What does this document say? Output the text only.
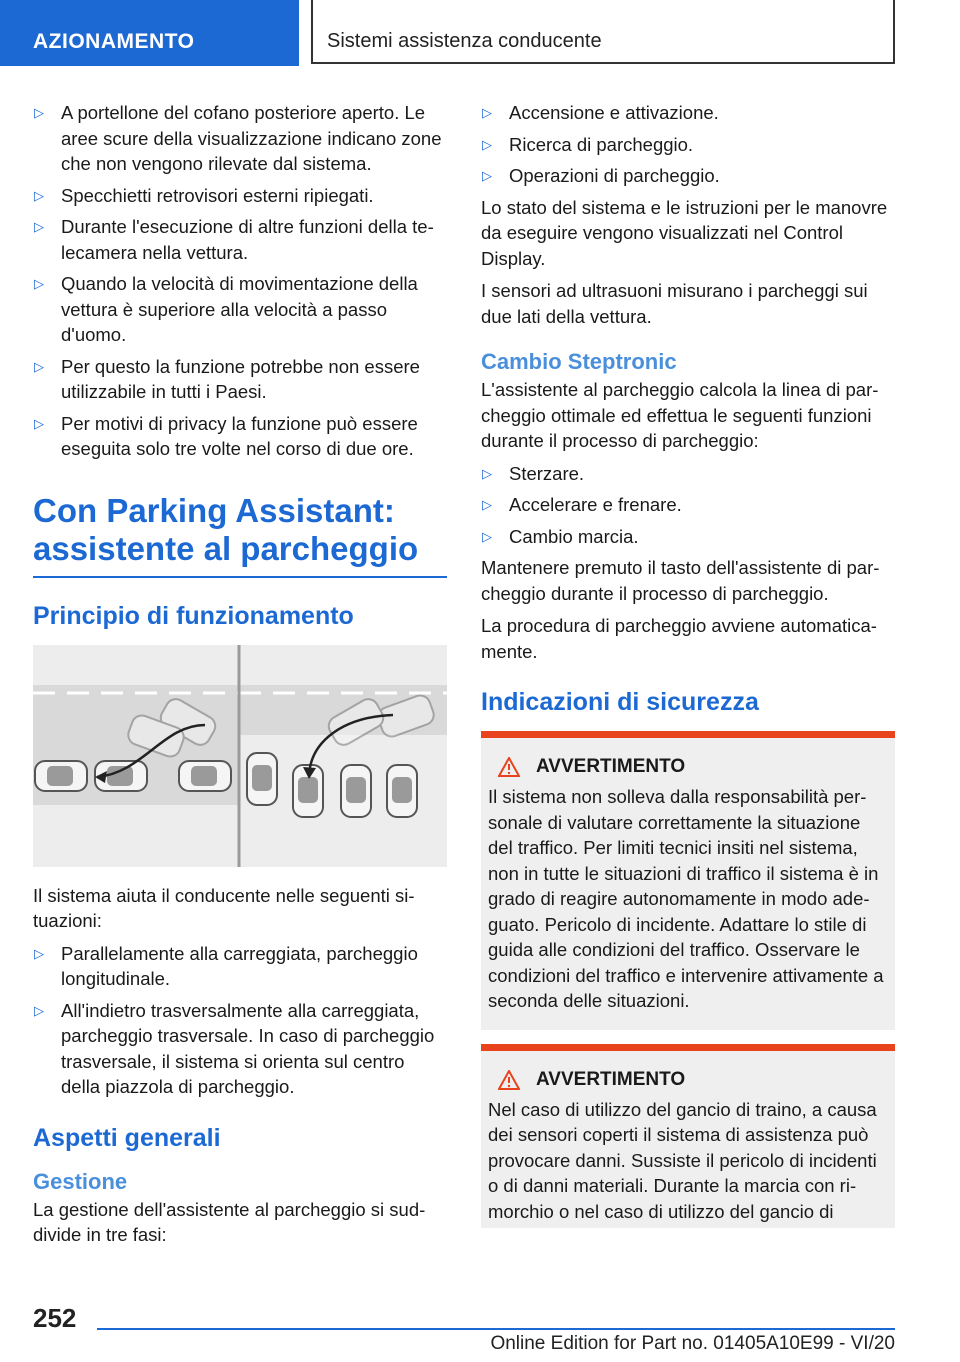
AZIONAMENTO	Sistemi assistenza conducente
▷ A portellone del cofano posteriore aperto. Le aree scure della visualizzazione indicano zone che non vengono rilevate dal sistema.
▷ Specchietti retrovisori esterni ripiegati.
▷ Durante l'esecuzione di altre funzioni della telecamera nella vettura.
▷ Quando la velocità di movimentazione della vettura è superiore alla velocità a passo d'uomo.
▷ Per questo la funzione potrebbe non essere utilizzabile in tutti i Paesi.
▷ Per motivi di privacy la funzione può essere eseguita solo tre volte nel corso di due ore.
Con Parking Assistant: assistente al parcheggio
Principio di funzionamento

Il sistema aiuta il conducente nelle seguenti situazioni:

▷ Parallelamente alla carreggiata, parcheggio longitudinale.
▷ All'indietro trasversalmente alla carreggiata, parcheggio trasversale. In caso di parcheggio trasversale, il sistema si orienta sul centro della piazzola di parcheggio.
Aspetti generali
Gestione

La gestione dell'assistente al parcheggio si suddivide in tre fasi:

▷ Accensione e attivazione.
▷ Ricerca di parcheggio.
▷ Operazioni di parcheggio.

Lo stato del sistema e le istruzioni per le manovre da eseguire vengono visualizzati nel Control Display.

I sensori ad ultrasuoni misurano i parcheggi sui due lati della vettura.

Cambio Steptronic

L'assistente al parcheggio calcola la linea di parcheggio ottimale ed effettua le seguenti funzioni durante il processo di parcheggio:

▷ Sterzare.
▷ Accelerare e frenare.
▷ Cambio marcia.

Mantenere premuto il tasto dell'assistente di parcheggio durante il processo di parcheggio.

La procedura di parcheggio avviene automaticamente.

Indicazioni di sicurezza
AVVERTIMENTO

Il sistema non solleva dalla responsabilità personale di valutare correttamente la situazione del traffico. Per limiti tecnici insiti nel sistema, non in tutte le situazioni di traffico il sistema è in grado di reagire autonomamente in modo adeguato. Pericolo di incidente. Adattare lo stile di guida alle condizioni del traffico. Osservare le condizioni del traffico e intervenire attivamente a seconda delle situazioni.

AVVERTIMENTO

Nel caso di utilizzo del gancio di traino, a causa dei sensori coperti il sistema di assistenza può provocare danni. Sussiste il pericolo di incidenti o di danni materiali. Durante la marcia con rimorchio o nel caso di utilizzo del gancio di

252
Online Edition for Part no. 01405A10E99 - VI/20
